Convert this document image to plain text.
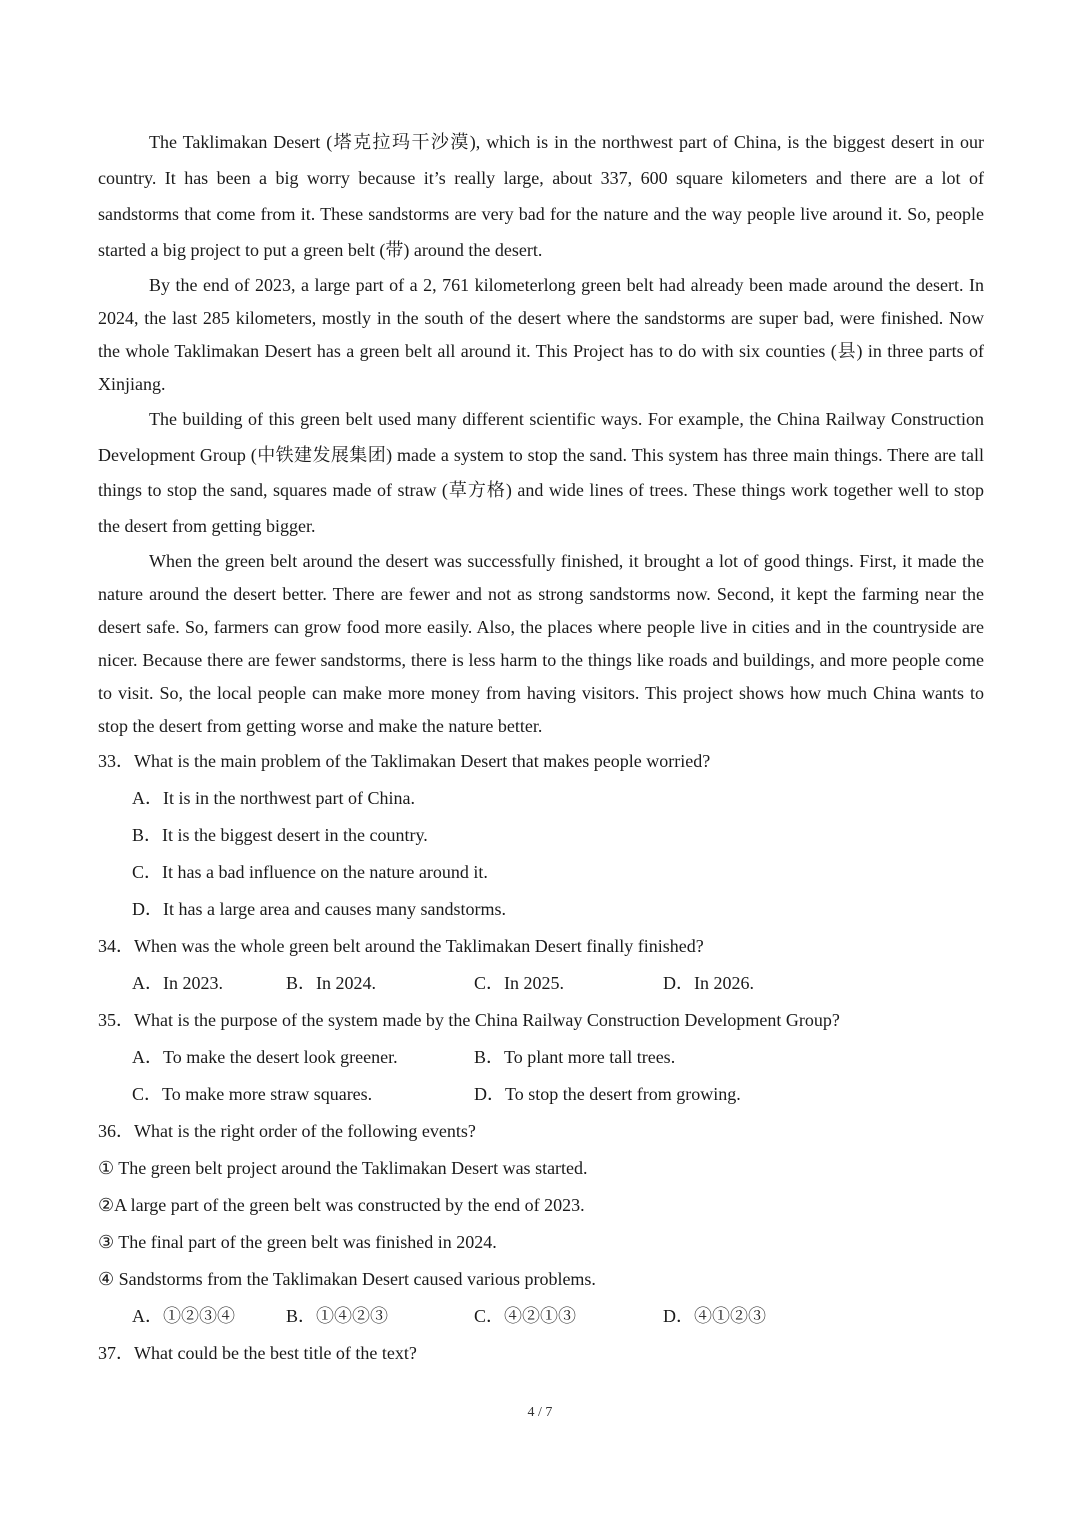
The Taklimakan Desert (塔克拉玛干沙漠), which is in the northwest part of China, is the biggest desert in our country. It has been a big worry because it’s really large, about 337, 600 square kilometers and there are a lot of sandstorms that come from it. These sandstorms are very bad for the nature and the way people live around it. So, people started a big project to put a green belt (带) around the desert.

By the end of 2023, a large part of a 2, 761 kilometerlong green belt had already been made around the desert. In 2024, the last 285 kilometers, mostly in the south of the desert where the sandstorms are super bad, were finished. Now the whole Taklimakan Desert has a green belt all around it. This Project has to do with six counties (县) in three parts of Xinjiang.

The building of this green belt used many different scientific ways. For example, the China Railway Construction Development Group (中铁建发展集团) made a system to stop the sand. This system has three main things. There are tall things to stop the sand, squares made of straw (草方格) and wide lines of trees. These things work together well to stop the desert from getting bigger.

When the green belt around the desert was successfully finished, it brought a lot of good things. First, it made the nature around the desert better. There are fewer and not as strong sandstorms now. Second, it kept the farming near the desert safe. So, farmers can grow food more easily. Also, the places where people live in cities and in the countryside are nicer. Because there are fewer sandstorms, there is less harm to the things like roads and buildings, and more people come to visit. So, the local people can make more money from having visitors. This project shows how much China wants to stop the desert from getting worse and make the nature better.

33．What is the main problem of the Taklimakan Desert that makes people worried?
A．It is in the northwest part of China.
B．It is the biggest desert in the country.
C．It has a bad influence on the nature around it.
D．It has a large area and causes many sandstorms.
34．When was the whole green belt around the Taklimakan Desert finally finished?
A．In 2023.	B．In 2024.	C．In 2025.	D．In 2026.
35．What is the purpose of the system made by the China Railway Construction Development Group?
A．To make the desert look greener.	B．To plant more tall trees.
C．To make more straw squares.	D．To stop the desert from growing.
36．What is the right order of the following events?
① The green belt project around the Taklimakan Desert was started.
②A large part of the green belt was constructed by the end of 2023.
③ The final part of the green belt was finished in 2024.
④ Sandstorms from the Taklimakan Desert caused various problems.
A．①②③④	B．①④②③	C．④②①③	D．④①②③
37．What could be the best title of the text?
4 / 7
